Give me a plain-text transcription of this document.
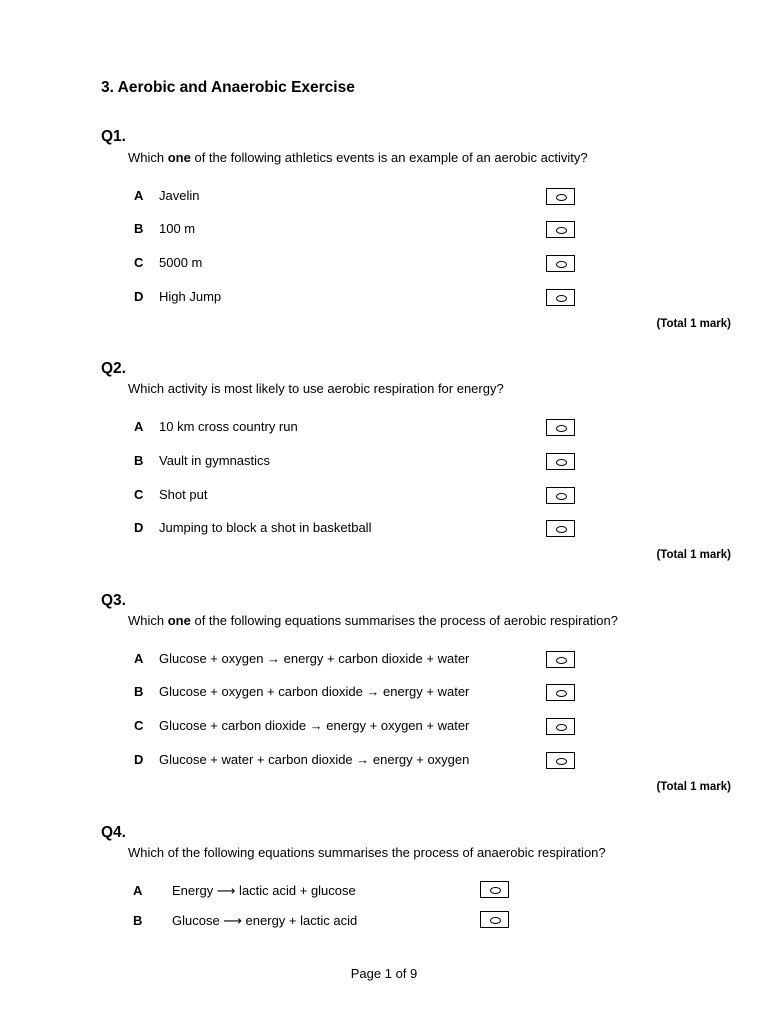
3. Aerobic and Anaerobic Exercise
Q1.
Which one of the following athletics events is an example of an aerobic activity?
A Javelin
B 100 m
C 5000 m
D High Jump
(Total 1 mark)
Q2.
Which activity is most likely to use aerobic respiration for energy?
A 10 km cross country run
B Vault in gymnastics
C Shot put
D Jumping to block a shot in basketball
(Total 1 mark)
Q3.
Which one of the following equations summarises the process of aerobic respiration?
A Glucose + oxygen → energy + carbon dioxide + water
B Glucose + oxygen + carbon dioxide → energy + water
C Glucose + carbon dioxide → energy + oxygen + water
D Glucose + water + carbon dioxide → energy + oxygen
(Total 1 mark)
Q4.
Which of the following equations summarises the process of anaerobic respiration?
A Energy ⟶ lactic acid + glucose
B Glucose ⟶ energy + lactic acid
Page 1 of 9
